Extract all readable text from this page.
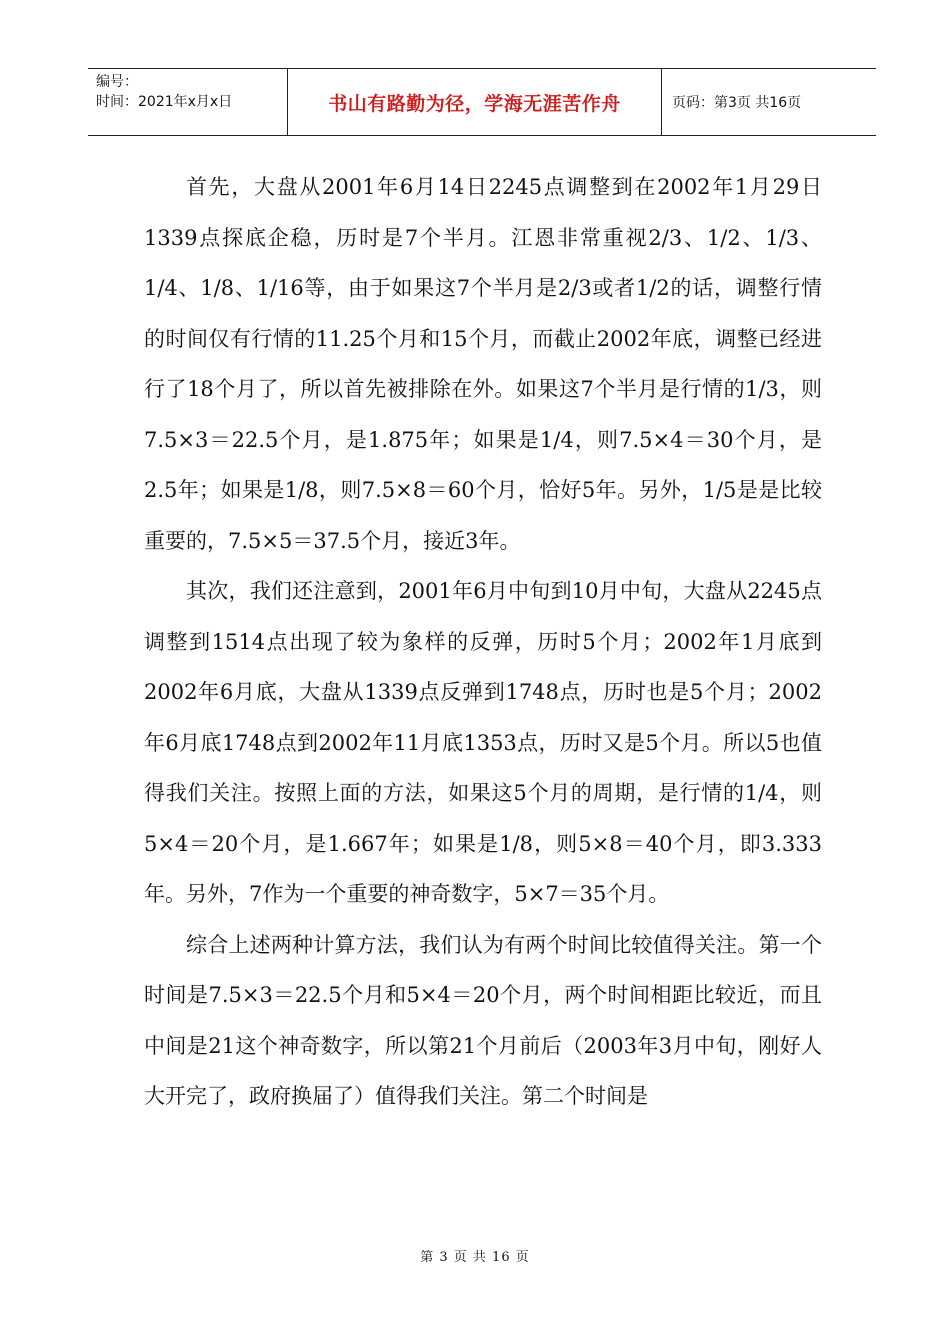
编号：
时间：2021年x月x日	书山有路勤为径，学海无涯苦作舟	页码：第3页 共16页

首先，大盘从2001年6月14日2245点调整到在2002年1月29日1339点探底企稳，历时是7个半月。江恩非常重视2/3、1/2、1/3、1/4、1/8、1/16等，由于如果这7个半月是2/3或者1/2的话，调整行情的时间仅有行情的11.25个月和15个月，而截止2002年底，调整已经进行了18个月了，所以首先被排除在外。如果这7个半月是行情的1/3，则7.5×3＝22.5个月，是1.875年；如果是1/4，则7.5×4＝30个月，是2.5年；如果是1/8，则7.5×8＝60个月，恰好5年。另外，1/5是是比较重要的，7.5×5＝37.5个月，接近3年。

其次，我们还注意到，2001年6月中旬到10月中旬，大盘从2245点调整到1514点出现了较为象样的反弹，历时5个月；2002年1月底到2002年6月底，大盘从1339点反弹到1748点，历时也是5个月；2002年6月底1748点到2002年11月底1353点，历时又是5个月。所以5也值得我们关注。按照上面的方法，如果这5个月的周期，是行情的1/4，则5×4＝20个月，是1.667年；如果是1/8，则5×8＝40个月，即3.333年。另外，7作为一个重要的神奇数字，5×7＝35个月。

综合上述两种计算方法，我们认为有两个时间比较值得关注。第一个时间是7.5×3＝22.5个月和5×4＝20个月，两个时间相距比较近，而且中间是21这个神奇数字，所以第21个月前后（2003年3月中旬，刚好人大开完了，政府换届了）值得我们关注。第二个时间是

第 3 页 共 16 页
